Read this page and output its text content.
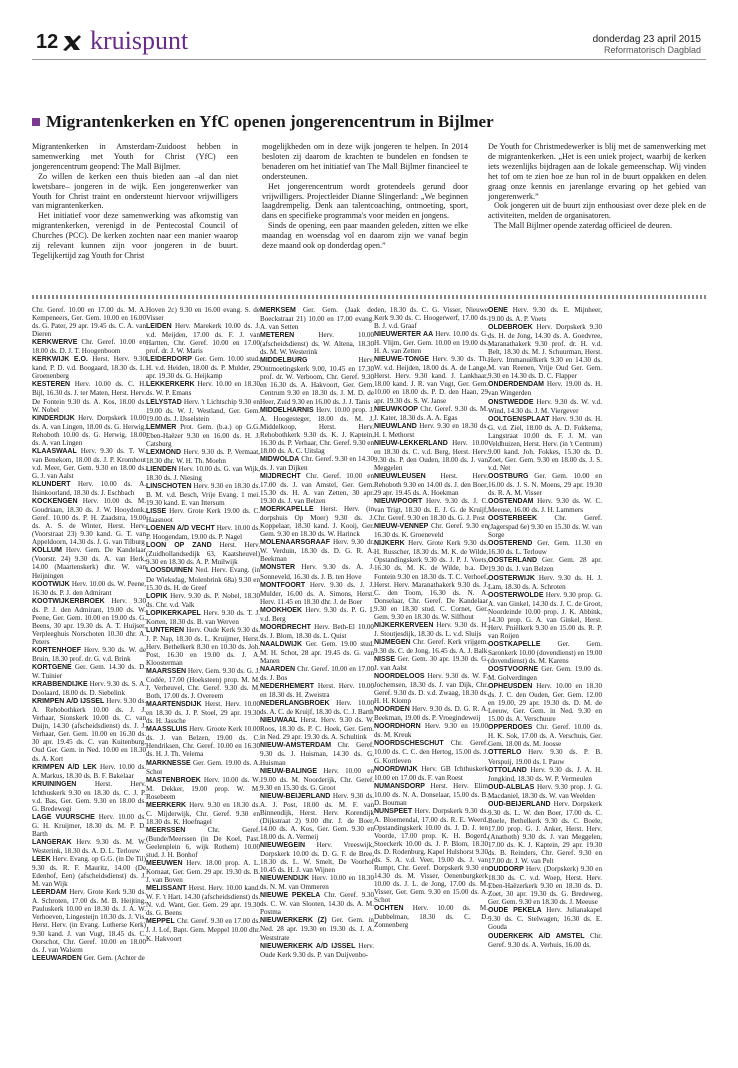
12 kruispunt	donderdag 23 april 2015
Reformatorisch Dagblad
Migrantenkerken en YfC openen jongerencentrum in Bijlmer

Migrantenkerken in Amsterdam-Zuidoost hebben in samenwerking met Youth for Christ (YfC) een jongerencentrum geopend: The Mall Bijlmer.

Zo willen de kerken een thuis bieden aan –al dan niet kwetsbare– jongeren in de wijk. Een jongerenwerker van Youth for Christ traint en ondersteunt hiervoor vrijwilligers van migrantenkerken.

Het initiatief voor deze samenwerking was afkomstig van migrantenkerken, verenigd in de Pentecostal Council of Churches (PCC). De kerken zochten naar een manier waarop zij relevant kunnen zijn voor jongeren in de buurt. Tegelijkertijd zag Youth for Christ

mogelijkheden om in deze wijk jongeren te helpen. In 2014 besloten zij daarom de krachten te bundelen en fondsen te benaderen om het initiatief van The Mall Bijlmer financieel te ondersteunen.

Het jongerencentrum wordt grotendeels gerund door vrijwilligers. Projectleider Dianne Slingerland: „We beginnen laagdrempelig. Denk aan talentcoaching, ontmoeting, sport, dans en specifieke programma's voor meiden en jongens.

Sinds de opening, een paar maanden geleden, zitten we elke maandag en woensdag vol en daarom zijn we vanaf begin deze maand ook op donderdag open.”

De Youth for Christmedewerker is blij met de samenwerking met de migrantenkerken. „Het is een uniek project, waarbij de kerken iets wezenlijks bijdragen aan de lokale gemeenschap. Wij vinden het tof om te zien hoe ze hun rol in de buurt oppakken en delen graag onze kennis en jarenlange ervaring op het gebied van jongerenwerk.”

Ook jongeren uit de buurt zijn enthousiast over deze plek en de activiteiten, melden de organisatoren.

The Mall Bijlmer opende zaterdag officieel de deuren.

Chr. Geref. 10.00 en 17.00 ds. M. A. Kempeneers, Ger. Gem. 10.00 en 16.00 ds. G. Pater, 29 apr. 19.45 ds. C. A. van Dieren

KERKWERVE Chr. Geref. 10.00 en 18.00 ds. D. J. T. Hoogenboom

KERKWIJK E.O. Herst. Herv. 9.30 kand. P. D. v.d. Boogaard, 18.30 ds. L. Groenenberg

KESTEREN Herv. 10.00 ds. C. H. Bijl, 16.30 ds. J. ter Maten, Herst. Herv. De Fontein 9.30 ds. A. Kos, 18.00 ds. W. Nobel

KINDERDIJK Herv. Dorpskerk 10.00 ds. A. van Lingen, 18.00 ds. G. Herwig, Rehoboth 10.00 ds. G. Herwig, 18.00 ds. A. van Lingen

KLAASWAAL Herv. 9.30 ds. T. W. van Benekom, 18.00 ds. J. P. Kromhout v.d. Meer, Ger. Gem. 9.30 en 18.00 ds. G. J. van Aalst

KLUNDERT Herv. 10.00 ds. A. Ilsinkoorland, 18.30 ds. J. Eschbach

KOCKENGEN Herv. 10.00 ds. M. Goudriaan, 18.30 ds. J. W. Hooydonk, Geref. 10.00 ds. P. H. Zaadstra, 19.00 ds. A. S. de Winter, Herst. Herv. (Voorstraat 23) 9.30 kand. G. T. van Appeldoorn, 14.30 ds. J. G. van Tilburg

KOLLUM Herv. Gem. De Kandelaar (Voorstr. 24) 9.30 ds. A. van Herk, 14.00 (Maartenskerk) dhr. W. van Heijningen

KOOTWIJK Herv. 10.00 ds. W. Peene, 16.30 ds. P. J. den Admirant

KOOTWIJKERBROEK Herv. 9.30 ds. P. J. den Admirant, 19.00 ds. W. Peene, Ger. Gem. 10.00 en 19.00 ds. G. Beens, 30 apr. 19.30 ds. A. T. Huijser, Verpleeghuis Norschoten 10.30 dhr. A. Peters

KORTENHOEF Herv. 9.30 ds. W. de Bruin, 18.30 prof. dr. G. v.d. Brink

KORTGENE Ger. Gem. 14.30 ds. D. W. Tuinier

KRABBENDIJKE Herv. 9.30 ds. S. A. Doolaard, 18.00 ds. D. Siebelink

KRIMPEN A/D IJSSEL Herv. 9.30 ds. A. Rehobothkerk 10.00 ds. J. J. Verhaar, Sionskerk 10.00 ds. C. van Duijn, 14.30 (afscheidsdienst) ds. J. J. Verhaar, Ger. Gem. 10.00 en 16.30 ds. 30 apr. 19.45 ds. C. van Kuitenburg, Oud Ger. Gem. in Ned. 10.00 en 18.30 ds. A. Kort

KRIMPEN A/D LEK Herv. 10.00 ds. A. Markus, 18.30 ds. B. F. Bakelaar

KRUININGEN	Herst. Herv. Ichthuskerk 9.30 en 18.30 ds. C. J. P. v.d. Bas, Ger. Gem. 9.30 en 18.00 ds. G. Bredewegi

LAGE VUURSCHE Herv. 10.00 ds. G. H. Kruijmer, 18.30 ds. M. P. D. Barth

LANGERAK Herv. 9.30 ds. M. W. Westerink, 18.30 ds. A. D. L. Terlouw

LEEK Herv. Evang. op G.G. (in De Til) 9.30 ds. R. F. Mauritz, 14.00 (De Edenhof, Een) (afscheidsdienst) ds. J. M. van Wijk

LEERDAM Herv. Grote Kerk 9.30 ds. A. Schroten, 17.00 ds. M. B. Heijting, Pauluskerk 10.00 en 18.30 ds. J. A. W. Verhoeven, Lingesteijn 10.30 ds. J. Vis, Herst. Herv. (in Evang. Lutherse Kerk) 9.30 kand. J. van Vugt, 18.45 ds. C. Oorschot, Chr. Geref. 10.00 en 18.00 ds. J. van Walsem

LEEUWARDEN Ger. Gem. (Achter de

Hoven 2c) 9.30 en 16.00 evang. S. de Visser

LEIDEN Herv. Marekerk 10.00 ds. J. v.d. Meijden, 17.00 ds. F. J. van Hartten, Chr. Geref. 10.00 en 17.00 prof. dr. J. W. Maris

LEIDERDORP Ger. Gem. 10.00 stud. H. v.d. Heiden, 18.00 ds. P. Mulder, 29 apr. 19.30 ds. G. Heijkamp

LEKKERKERK Herv. 10.00 en 18.30 ds. W. P. Emans

LELYSTAD Herv. 't Lichtschip 9.30 en 19.00 ds. W. J. Westland, Ger. Gem. 19.00 ds. J. IJsselstein

LEMMER Prot. Gem. (b.a.) op G.G. Eben-Haëzer 9.30 en 16.00 ds. H. J. Catsburg

LEXMOND Herv. 9.30 ds. P. Vermaat, 18.30 dhr. W. H. Th. Moehn

LIENDEN Herv. 10.00 ds. G. van Wijk, 18.30 ds. J. Niesing

LINSCHOTEN Herv. 9.30 en 18.30 ds. B. M. v.d. Besch, Vrije Evang. 1 mei. 19.30 kand. E. van Ittersum

LISSE Herv. Grote Kerk 19.00 ds. C. Haasnoot

LOENEN A/D VECHT Herv. 10.00 ds. P. Hoogendam, 19.00 ds. P. Nagel

LOON OP ZAND Herst. Herv. (Zuidhollandsedijk 63, Kaatsheuvel) 9.30 en 18.30 ds. A. P. Muilwijk

LOOSDUINEN Ned. Herv. Evang. (in De Wieksdag, Molenbrink 68a) 9.30 en 15.30 ds. H. de Greef

LOPIK Herv. 9.30 ds. P. Nobel, 18.30 ds. Chr. v.d. Valk

LOPIKERKAPEL Herv. 9.30 ds. T. J. Korten, 18.30 ds. B. van Werven

LUNTEREN Herv. Oude Kerk 9.30 ds. J. P. Nap, 18.30 ds. L. Kruijmer, Herst. Herv. Bethelkerk 8.30 en 10.30 ds. Joh. Post, 16.30 en 19.00 ds. J. A. Kloosterman

MAARSSEN Herv. Gem. 9.30 ds. G. J. Codée, 17.00 (Hoeksteen) prop. M. M. J. Verheuvel, Chr. Geref. 9.30 ds. M. Both, 17.00 ds. J. Overeem

MAARTENSDIJK Herst. Herv. 10.00 en 18.30 ds. J. P. Stoel, 29 apr. 19.30 ds. H. Jassche

MAASSLUIS Herv. Groote Kerk 10.00 ds. J. van Belzen, 19.00 ds. C. Hendriksen, Chr. Geref. 10.00 en 16.30 ds. H. J. Th. Velema

MARKNESSE Ger. Gem. 19.00 ds. A. Schot

MASTENBROEK Herv. 10.00 ds. W. M. Dekker, 19.00 prop. W. M. Rosebeem

MEERKERK Herv. 9.30 en 18.30 ds. C. Mijderwijk, Chr. Geref. 9.30 en 18.30 ds. K. Hoefnagel

MEERSSEN	Chr. Geref. (Bunde/Meerssen (in De Koel, Past. Geelenplein 6, wijk Rothem) 10.00 stud. J. H. Bonhof

MEEUWEN Herv. 18.00 prop. A. L. Kornaat, Ger. Gem. 29 apr. 19.30 ds. B. J. van Boven

MELISSANT Herst. Herv. 10.00 kand. W. F. 't Hart. 14.30 (afscheidsdienst) ds. N. v.d. Want, Ger. Gem. 29 apr. 19.30 ds. G. Beens

MEPPEL Chr. Geref. 9.30 en 17.00 ds. J. J. Lof, Bapt. Gem. Meppel 10.00 dhr. K. Hakvoort

MERKSEM Ger. Gem. (Jaak de Boeckstraat 21) 10.00 en 17.00 evang. A. van Setten

METEREN	Herv. 10.00 (afscheidsdienst) ds. W. Altena, 18.30 ds. M. W. Westerink

MIDDELBURG	Herv. Ontmoetingskerk 9.00, 10.45 en 17.30 prof. dr. W. Verboom, Chr. Geref. 9.30 en 16.30 ds. A. Hakvoort, Ger. Gem. Centrum 9.30 en 18.30 ds. J. M. D. de Heer, Zuid 9.30 en 16.00 ds. J. J. Tanis

MIDDELHARNIS Herv. 10.00 prop. J. A. Hoogesteger, 18.00 ds. M. J. Middelkoop, Herst. Herv. Rehobothkerk 9.30 ds. K. J. Kaptein, 16.30 ds. P. Verhaar, Chr. Geref. 9.30 en 18.00 ds. A. C. Uitslag

MIDWOLDA Chr. Geref. 9.30 en 14.30 ds. J. van Dijken

MIJDRECHT Chr. Geref. 10.00 en 17.00 ds. J. van Amstel, Ger. Gem. 15.30 ds. H. A. van Zetten, 30 apr. 19.30 ds. J. van Belzen

MOERKAPELLE Herst. Herv. (in dorpshuis Op Moer) 9.30 ds. J. Koppelaar, 18.30 kand. J. Kooij, Ger. Gem. 9.30 en 18.30 ds. W. Harinck

MOLENAARSGRAAF Herv. 9.30 dr. W. Verduin, 18.30 ds. D. G. R. A. Beekman

MONSTER Herv. 9.30 ds. A. J. Sonneveld, 16.30 ds. J. B. ten Hove

MONTFOORT Herv. 9.30 ds. J. J. Mulder, 16.00 ds. A. Simons, Herst. Herv. 11.45 en 18.30 dhr. J. de Boer

MOOKHOEK Herv. 9.30 ds. P. G. I. v.d. Berg

MOORDRECHT Herv. Beth-El 10.00 ds. J. Blom, 18.30 ds. L. Quist

NAALDWIJK Ger. Gem. 19.00 stud. M. H. Schot, 28 apr. 19.45 ds. G. van Manen

NAARDEN Chr. Geref. 10.00 en 17.00 ds. J. Bos

NEDERHEMERT Herst. Herv. 10.00 en 18.30 ds. H. Zweistra

NEDERLANGBROEK Herv. 10.00 ds. A. C. de Kruijf, 18.30 ds. C. J. Barth

NIEUWAAL Herst. Herv. 9.30 ds. W. Roos, 18.30 ds. P. C. Hoek, Ger. Gem. in Ned. 29 apr. 19.30 ds. A. Schultink

NIEUW-AMSTERDAM Chr. Geref. 9.30 ds. J. Huisman, 14.30 ds. G. Huisman

NIEUW-BALINGE Herv. 10.00 en 19.00 ds. M. Noorderijk, Chr. Geref. 9.30 en 15.30 ds. G. Groot

NIEUW-BEIJERLAND Herv. 9.30 ds. A. J. Post, 18.00 ds. M. F. van Binnendijk, Herst. Herv. Korendijk (Dijkstraat 2) 9.00 dhr. J. de Boer, 14.00 ds. A. Kos, Ger. Gem. 9.30 en 18.00 ds. A. Vermeij

NIEUWEGEIN Herv. Vreeswijk, Dorpskerk 10.00 ds. D. G. F. de Bree, 18.30 ds. L. W. Smelt, De Voorhof 10.45 ds. H. J. van Wijnen

NIEUWENDIJK Herv. 10.00 en 18.30 ds. N. M. van Ommeren

NIEUWE PEKELA Chr. Geref. 9.30 ds. C. W. van Slooten, 14.30 ds. A. M. Postma

NIEUWERKERK (Z) Ger. Gem. in Ned. 28 apr. 19.30 en 19.30 ds. J. A. Weststrate

NIEUWERKERK A/D IJSSEL Herv. Oude Kerk 9.30 ds. P. van Duijvenbo-

den, 18.30 ds. C. G. Visser, Nieuwe Kerk 9.30 ds. C. Hoogerwerf, 17.00 ds. B. J. v.d. Graaf

NIEUWERTER AA Herv. 10.00 ds. G. H. Vlijm, Ger. Gem. 10.00 en 19.00 ds. H. A. van Zetten

NIEUWE-TONGE Herv. 9.30 ds. Th. W. v.d. Heijden, 18.00 ds. A. de Lange, Herst. Herv. 9.30 kand. J. Lankhaar, 18.00 kand. J. R. van Vugt, Ger. Gem. 10.00 en 18.00 ds. P. D. den Haan, 29 apr. 19.30 ds. S. W. Janse

NIEUWKOOP Chr. Geref. 9.30 ds. M. J. Kater, 18.30 ds. A. A. Egas

NIEUWLAND Herv. 9.30 en 18.30 ds. H. I. Methorst

NIEUW-LEKKERLAND Herv. 10.00 en 18.30 ds. C. v.d. Berg, Herst. Herv. 9.30 ds. P. den Ouden, 18.00 ds. J. van Meggelen

NIEUWLEUSEN Herst. Herv. Rehoboth 9.30 en 14.00 ds. J. den Boer, 29 apr. 19.45 ds. A. Hoekman

NIEUWPOORT Herv. 9.30 ds. J. C. van Trigt, 18.30 ds. E. J. G. de Kruijf, Chr. Geref. 9.30 en 18.30 ds. G. J. Post

NIEUW-VENNEP Chr. Geref. 9.30 en 16.30 ds. K. Groeneveld

NIJKERK Herv. Grote Kerk 9.30 ds. H. Russcher, 18.30 ds. M. K. de Wilde, Opstandingskerk 9.30 ds. J. P. J. Voets, 16.30 ds. M. K. de Wilde, b.a. De Fontein 9.30 en 18.30 ds. T. C. Verhoef, Herst. Herv. Maranathakerk 9.30 ds. J. C. den Toom, 16.30 ds. N. A. Donselaar, Chr. Geref. De Kandelaar 9.30 en 18.30 stud. C. Cornet, Ger. Gem. 9.30 en 18.30 ds. W. Silfhout

NIJKERKERVEEN Herv. 9.30 ds. H. J. Stoutjesdijk, 18.30 ds. L. v.d. Sluijs

NIJMEGEN Chr. Geref. Kerk vrijgem. 9.30 ds. C. de Jong, 16.45 ds. A. J. Balk

NISSE Ger. Gem. 30 apr. 19.30 ds. G. J. van Aalst

NOORDELOOS Herv. 9.30 ds. W. F. Jochemsen, 18.30 ds. J. van Dijk, Chr. Geref. 9.30 ds. D. v.d. Zwaag, 18.30 ds. H. H. Klomp

NOORDEN Herv. 9.30 ds. D. G. R. A. Beekman, 19.00 ds. P. Vroegindeweij

NOORDHORN Herv. 9.30 en 19.00 ds. M. Kreuk

NOORDSCHESCHUT Chr. Geref. 10.00 ds. C. C. den Hertog, 15.00 ds. J. G. Kortleven

NOORDWIJK Herv. GB Ichthuskerk 10.00 en 17.00 ds. F. van Roest

NUMANSDORP Herst. Herv. Elim 10.00 ds. N. A. Donselaar, 15.00 ds. B. D. Bouman

NUNSPEET Herv. Dorpskerk 9.30 ds. A. Bloemendal, 17.00 ds. R. E. Weerd, Opstandingskerk 10.00 ds. J. D. J. ten Voorde, 17.00 prop. K. H. Bogerd, Stoeckerk 10.00 ds. J. P. Blom, 18.30 ds. D. Rodenburg, Kapel Hulshorst 9.30 ds. S. A. v.d. Veer, 19.00 ds. J. van Rumpt, Chr. Geref. Dorpskerk 9.30 en 14.30 ds. M. Visser, Oenenburgkerk 10.00 ds. J. L. de Jong, 17.00 ds. M. Visser, Ger. Gem. 9.30 en 15.00 ds. A. Schot

OCHTEN Herv. 10.00 ds. M. Dubbelman, 18.30 ds. C. D. Zonnenberg

OENE Herv. 9.30 ds. E. Mijnheer, 19.00 ds. A. P. Voets

OLDEBROEK Herv. Dorpskerk 9.30 ds. H. de Jong, 14.30 ds. A. Goedvree, Maranathakerk 9.30 prof. dr. H. v.d. Belt, 18.30 ds. M. J. Schuurman, Herst. Herv. Immanuëlkerk 9.30 en 14.30 ds. M. van Reenen, Vrije Oud Ger. Gem. 9.30 en 14.30 ds. D. C. Flapper

ONDERDENDAM Herv. 19.00 ds. H. van Wingerden

ONSTWEDDE Herv. 9.30 ds. W. v.d. Wind, 14.30 ds. J. M. Viergever

OOLTGENSPLAAT Herv. 9.30 ds. H. G. v.d. Ziel, 18.00 ds. A. D. Fokkema, Langstraat 10.00 ds. F. J. M. van Veldhuizen, Herst. Herv. (in 't Centrum) 9.00 kand. Joh. Fokkes, 15.30 ds. D. Zoet, Ger. Gem. 9.30 en 18.00 ds. J. S. v.d. Net

OOSTBURG Ger. Gem. 10.00 en 16.00 ds. J. S. N. Moens, 29 apr. 19.30 ds. R. A. M. Visser

OOSTENDAM Herv. 9.30 ds. W. C. Meeuse, 16.00 ds. J. H. Lammers

OOSTERBEEK Chr. Geref. (Jagerspad 6e) 9.30 en 15.30 ds. W. van Sorge

OOSTEREND Ger. Gem. 11.30 en 16.30 ds. L. Terlouw

OOSTERLAND Ger. Gem. 28 apr. 19.30 ds. J. van Belzen

OOSTERWIJK Herv. 9.30 ds. H. J. Lam, 18.30 ds. A. Schroten

OOSTERWOLDE Herv. 9.30 prop. G. A. van Ginkel, 14.30 ds. J. C. de Groot, Noordeinde 10.00 prop. J. K. Abbink, 14.30 prop. G. A. van Ginkel, Herst. Herv. Pniëlkerk 9.30 en 15.00 ds. R. P. van Roijen

OOSTKAPELLE Ger. Gem. Saronkerk 10.00 (dovendienst) en 19.00 (dovendienst) ds. M. Karens

OOSTVOORNE Ger. Gem. 19.00 ds. M. Golverdingen

OPHEUSDEN Herv. 10.00 en 18.30 ds. J. C. den Ouden, Ger. Gem. 12.00 en 19.00, 29 apr. 19.30 ds. D. M. de Leeuw, Ger. Gem. in Ned. 9.30 en 15.00 ds. A. Verschuure

OPPERDOES Chr. Geref. 10.00 ds. H. K. Sok, 17.00 ds. A. Verschuis, Ger. Gem. 18.00 ds. M. Joosse

OTTERLO Herv. 9.30 ds. P. B. Verspuij, 19.00 ds. I. Pauw

OTTOLAND Herv. 9.30 ds. J. A. H. Jongkind, 18.30 ds. W. P. Vermeulen

OUD-ALBLAS Herv. 9.30 prop. J. G. Macdaniel, 18.30 ds. W. van Weelden

OUD-BEIJERLAND Herv. Dorpskerk 9.30 ds. L. W. den Boer, 17.00 ds. C. Boele, Bethelkerk 9.30 ds. C. Boele, 17.00 prop. G. J. Anker, Herst. Herv. (Anathoth) 9.30 ds. J. van Meggelen, 17.00 ds. K. J. Kaptein, 29 apr. 19.30 ds. B. Reinders, Chr. Geref. 9.30 en 17.00 dr. J. W. van Pelt

OUDDORP Herv. (Dorpskerk) 9.30 en 18.30 ds. C. v.d. Woep, Herst. Herv. Eben-Haëzerkerk 9.30 en 18.30 ds. D. Zoet, 30 apr. 19.30 ds. G. Bredeweg, Ger. Gem. 9.30 en 18.30 ds. J. Meeuse

OUDE PEKELA Herv. Julianakapel 9.30 ds. C. Stelwagen, 16.30 ds. E. Gouda

OUDERKERK A/D AMSTEL Chr. Geref. 9.30 ds. A. Verhuis, 16.00 ds.
